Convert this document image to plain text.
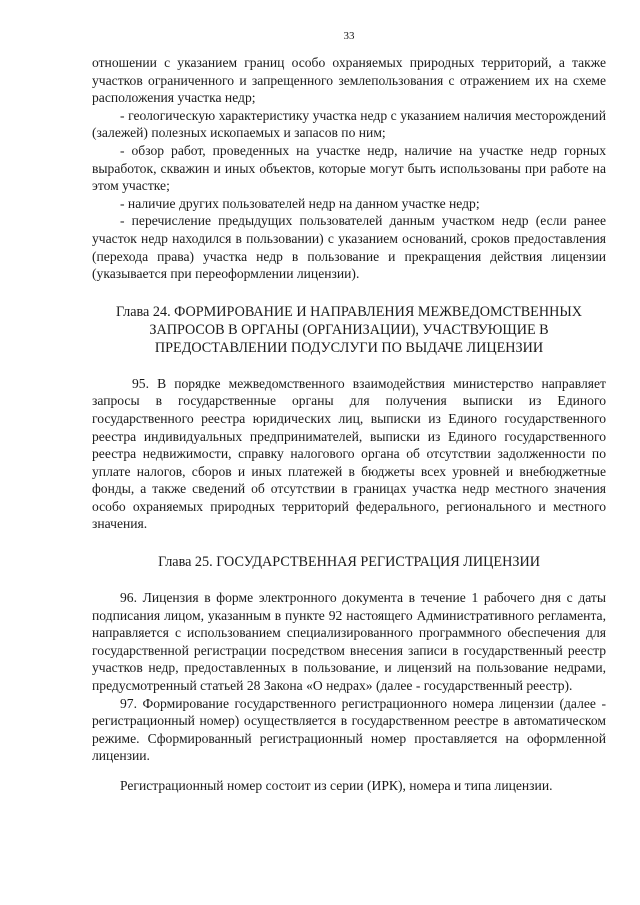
33

отношении с указанием границ особо охраняемых природных территорий, а также участков ограниченного и запрещенного землепользования с отражением их на схеме расположения участка недр;

- геологическую характеристику участка недр с указанием наличия месторождений (залежей) полезных ископаемых и запасов по ним;

- обзор работ, проведенных на участке недр, наличие на участке недр горных выработок, скважин и иных объектов, которые могут быть использованы при работе на этом участке;

- наличие других пользователей недр на данном участке недр;

- перечисление предыдущих пользователей данным участком недр (если ранее участок недр находился в пользовании) с указанием оснований, сроков предоставления (перехода права) участка недр в пользование и прекращения действия лицензии (указывается при переоформлении лицензии).

Глава 24. ФОРМИРОВАНИЕ И НАПРАВЛЕНИЯ МЕЖВЕДОМСТВЕННЫХ ЗАПРОСОВ В ОРГАНЫ (ОРГАНИЗАЦИИ), УЧАСТВУЮЩИЕ В ПРЕДОСТАВЛЕНИИ ПОДУСЛУГИ ПО ВЫДАЧЕ ЛИЦЕНЗИИ

95. В порядке межведомственного взаимодействия министерство направляет запросы в государственные органы для получения выписки из Единого государственного реестра юридических лиц, выписки из Единого государственного реестра индивидуальных предпринимателей, выписки из Единого государственного реестра недвижимости, справку налогового органа об отсутствии задолженности по уплате налогов, сборов и иных платежей в бюджеты всех уровней и внебюджетные фонды, а также сведений об отсутствии в границах участка недр местного значения особо охраняемых природных территорий федерального, регионального и местного значения.

Глава 25. ГОСУДАРСТВЕННАЯ РЕГИСТРАЦИЯ ЛИЦЕНЗИИ

96. Лицензия в форме электронного документа в течение 1 рабочего дня с даты подписания лицом, указанным в пункте 92 настоящего Административного регламента, направляется с использованием специализированного программного обеспечения для государственной регистрации посредством внесения записи в государственный реестр участков недр, предоставленных в пользование, и лицензий на пользование недрами, предусмотренный статьей 28 Закона «О недрах» (далее - государственный реестр).

97. Формирование государственного регистрационного номера лицензии (далее - регистрационный номер) осуществляется в государственном реестре в автоматическом режиме. Сформированный регистрационный номер проставляется на оформленной лицензии.

Регистрационный номер состоит из серии (ИРК), номера и типа лицензии.
